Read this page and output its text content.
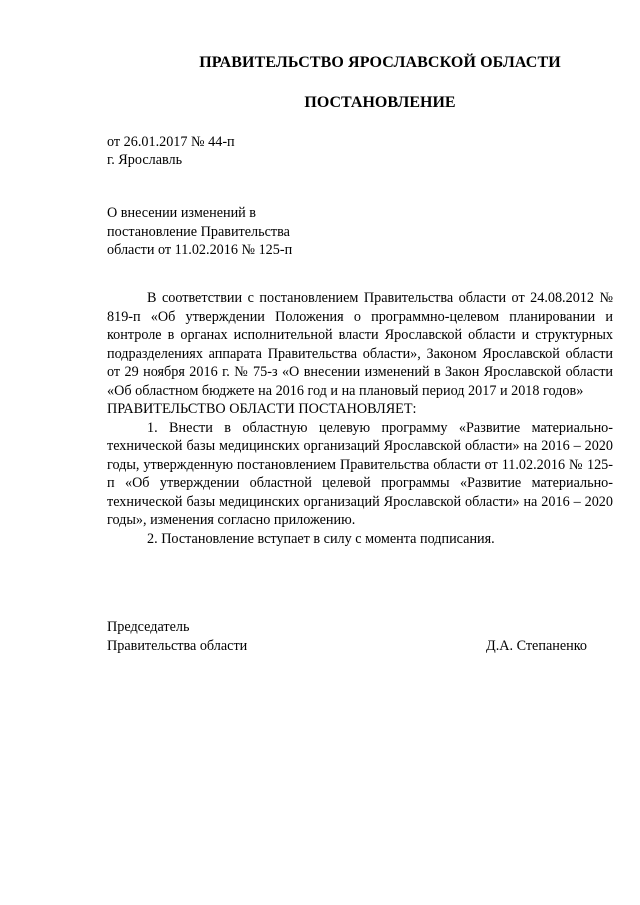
ПРАВИТЕЛЬСТВО ЯРОСЛАВСКОЙ ОБЛАСТИ
ПОСТАНОВЛЕНИЕ
от 26.01.2017 № 44-п
г. Ярославль
О внесении изменений в
постановление Правительства
области от 11.02.2016 № 125-п

В соответствии с постановлением Правительства области от 24.08.2012 № 819-п «Об утверждении Положения о программно-целевом планировании и контроле в органах исполнительной власти Ярославской области и структурных подразделениях аппарата Правительства области», Законом Ярославской области от 29 ноября 2016 г. № 75-з «О внесении изменений в Закон Ярославской области «Об областном бюджете на 2016 год и на плановый период 2017 и 2018 годов»

ПРАВИТЕЛЬСТВО ОБЛАСТИ ПОСТАНОВЛЯЕТ:

1. Внести в областную целевую программу «Развитие материально-технической базы медицинских организаций Ярославской области» на 2016 – 2020 годы, утвержденную постановлением Правительства области от 11.02.2016 № 125-п «Об утверждении областной целевой программы «Развитие материально-технической базы медицинских организаций Ярославской области» на 2016 – 2020 годы», изменения согласно приложению.

2. Постановление вступает в силу с момента подписания.

Председатель
Правительства области	Д.А. Степаненко
